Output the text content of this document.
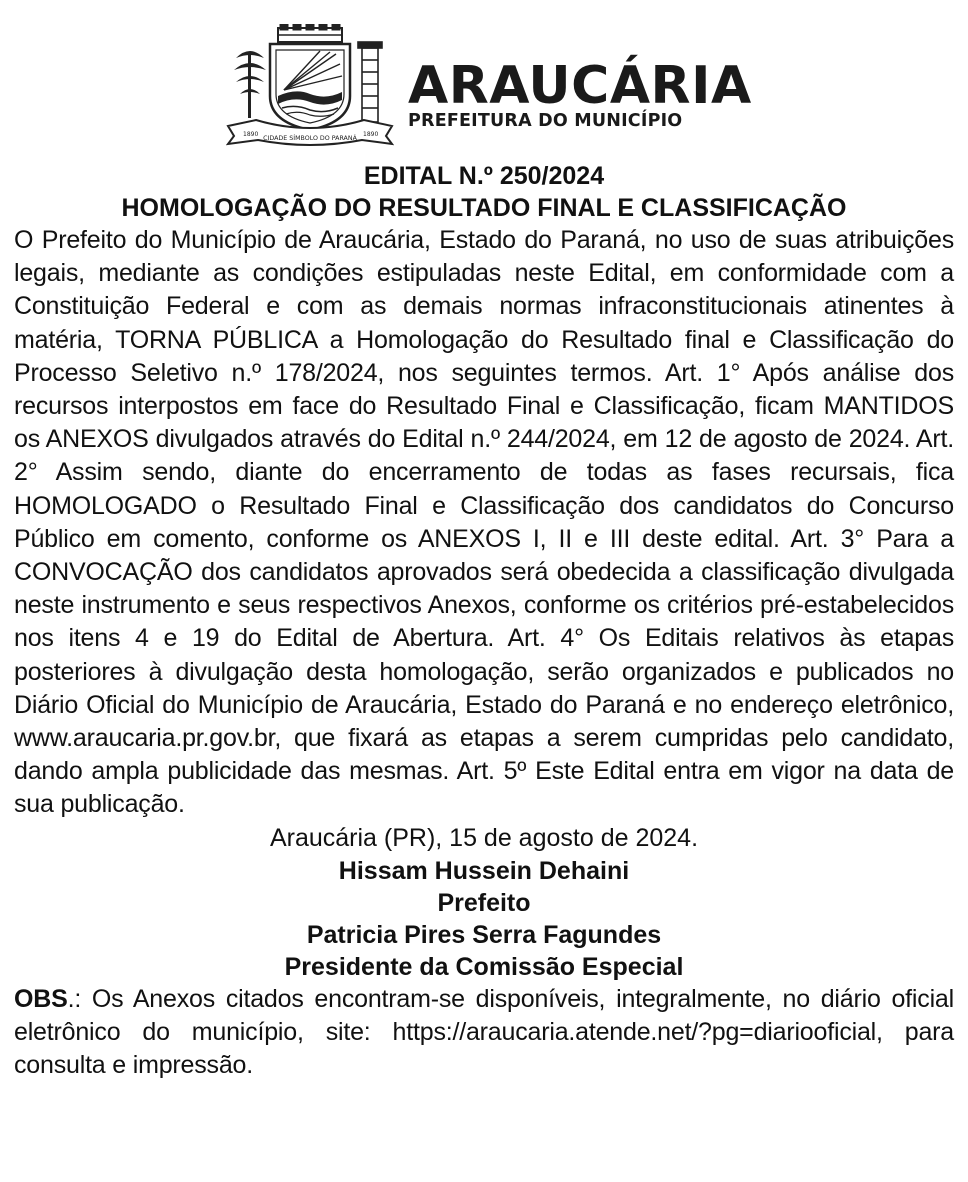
1890
CIDADE SÍMBOLO DO PARANÁ
1890
ARAUCÁRIA
PREFEITURA DO MUNICÍPIO
EDITAL N.º 250/2024
HOMOLOGAÇÃO DO RESULTADO FINAL E CLASSIFICAÇÃO

O Prefeito do Município de Araucária, Estado do Paraná, no uso de suas atribuições legais, mediante as condições estipuladas neste Edital, em conformidade com a Constituição Federal e com as demais normas infraconstitucionais atinentes à matéria, TORNA PÚBLICA a Homologação do Resultado final e Classificação do Processo Seletivo n.º 178/2024, nos seguintes termos. Art. 1° Após análise dos recursos interpostos em face do Resultado Final e Classificação, ficam MANTIDOS os ANEXOS divulgados através do Edital n.º 244/2024, em 12 de agosto de 2024. Art. 2° Assim sendo, diante do encerramento de todas as fases recursais, fica HOMOLOGADO o Resultado Final e Classificação dos candidatos do Concurso Público em comento, conforme os ANEXOS I, II e III deste edital. Art. 3° Para a CONVOCAÇÃO dos candidatos aprovados será obedecida a classificação divulgada neste instrumento e seus respectivos Anexos, conforme os critérios pré-estabelecidos nos itens 4 e 19 do Edital de Abertura. Art. 4° Os Editais relativos às etapas posteriores à divulgação desta homologação, serão organizados e publicados no Diário Oficial do Município de Araucária, Estado do Paraná e no endereço eletrônico, www.araucaria.pr.gov.br, que fixará as etapas a serem cumpridas pelo candidato, dando ampla publicidade das mesmas. Art. 5º Este Edital entra em vigor na data de sua publicação.

Araucária (PR), 15 de agosto de 2024.
Hissam Hussein Dehaini
Prefeito
Patricia Pires Serra Fagundes
Presidente da Comissão Especial

OBS.: Os Anexos citados encontram-se disponíveis, integralmente, no diário oficial eletrônico do município, site: https://araucaria.atende.net/?pg=diariooficial, para consulta e impressão.
